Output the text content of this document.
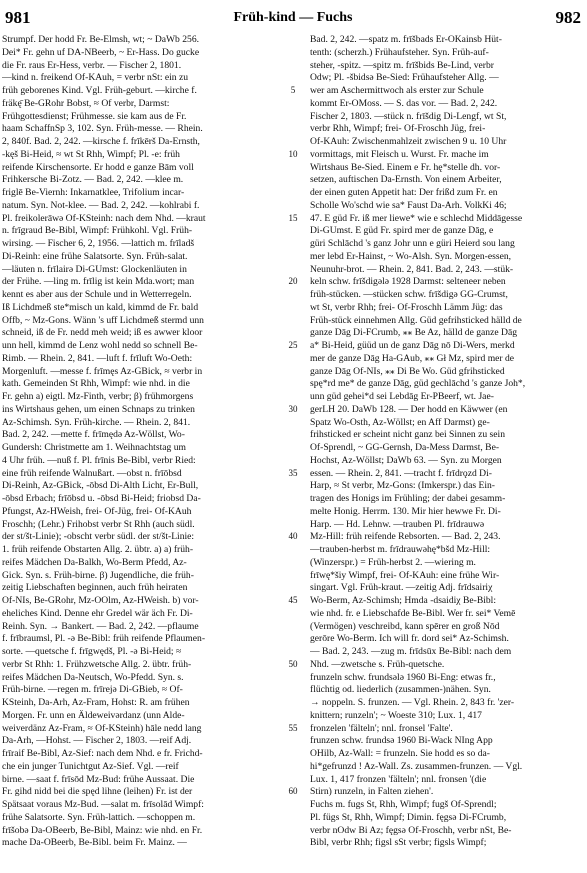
981	Früh-kind — Fuchs	982
Strumpf. Der hodd Fr. Be-Elmsh, wt; ~ DaWb 256.
Dei* Fr. gehn uf DA-NBeerb, ~ Er-Hass. Do gucke
die Fr. raus Er-Hess, verbr. — Fischer 2, 1801.
—kind n. freikend Of-KAuh, = verbr nSt: ein zu
früh geborenes Kind. Vgl. Früh-geburt. —kirche f.
fräkę̄ Be-GRohr Bobst, ≈ Of verbr, Darmst:
Frühgottesdienst; Frühmesse. sie kam aus de Fr.
haam SchaffnSp 3, 102. Syn. Früh-messe. — Rhein.
2, 840f. Bad. 2, 242. —kirsche f. frīkērš Da-Ernsth,
-kęš Bi-Heid, ≈ wt St Rhh, Wimpf; Pl. -e: früh
reifende Kirschensorte. Er hodd e ganze Bām voll
Frihkersche Bi-Zotz. — Bad. 2, 242. —klee m.
friglē Be-Viernh: Inkarnatklee, Trifolium incar-
natum. Syn. Not-klee. — Bad. 2, 242. —kohlrabi f.
Pl. freikolerāwə Of-KSteinh: nach dem Nhd. —kraut
n. frīgraud Be-Bibl, Wimpf: Frühkohl. Vgl. Früh-
wirsing. — Fischer 6, 2, 1956. —lattich m. frīladš
Di-Reinh: eine frühe Salatsorte. Syn. Früh-salat.
—läuten n. frīlairə Di-GUmst: Glockenläuten in
der Frühe. —ling m. frīlig ist kein Mda.wort; man
kennt es aber aus der Schule und in Wetterregeln.
Iß Lichdmeß ste*misch un kald, kimmd de Fr. bald
Offb, ~ Mz-Gons. Wänn 's uff Lichdmeß stermd unn
schneid, iß de Fr. nedd meh weid; iß es awwer kloor
unn hell, kimmd de Lenz wohl nedd so schnell Be-
Rimb. — Rhein. 2, 841. —luft f. frīluft Wo-Oeth:
Morgenluft. —messe f. frīmęs Az-GBick, ≈ verbr in
kath. Gemeinden St Rhh, Wimpf: wie nhd. in die
Fr. gehn a) eigtl. Mz-Finth, verbr; β) frühmorgens
ins Wirtshaus gehen, um einen Schnaps zu trinken
Az-Schimsh. Syn. Früh-kirche. — Rhein. 2, 841.
Bad. 2, 242. —mette f. frīmędə Az-Wöllst, Wo-
Gundersh: Christmette am 1. Weihnachtstag um
4 Uhr früh. —nuß f. Pl. frīnis Be-Bibl, verbr Ried:
eine früh reifende Walnußart. —obst n. frīōbsd
Di-Reinh, Az-GBick, -ōbsd Di-Alth Licht, Er-Bull,
-ōbsd Erbach; frīōbsd u. -ōbsd Bi-Heid; friobsd Da-
Pfungst, Az-HWeish, frei- Of-Jüg, frei- Of-KAuh
Froschh; (Lehr.) Frihobst verbr St Rhh (auch südl.
der st/št-Linie); -obscht verbr südl. der st/št-Linie:
1. früh reifende Obstarten Allg. 2. übtr. a) a) früh-
reifes Mädchen Da-Balkh, Wo-Berm Pfedd, Az-
Gick. Syn. s. Früh-birne. β) Jugendliche, die früh-
zeitig Liebschaften beginnen, auch früh heiraten
Of-NIs, Be-GRohr, Mz-OOlm, Az-HWeish. b) vor-
eheliches Kind. Denne ehr Gredel wär äch Fr. Di-
Reinh. Syn. → Bankert. — Bad. 2, 242. —pflaume
f. frībraumsl, Pl. -ə Be-Bibl: früh reifende Pflaumen-
sorte. —quetsche f. frīgwędš, Pl. -ə Bi-Heid; ≈
verbr St Rhh: 1. Frühzwetsche Allg. 2. übtr. früh-
reifes Mädchen Da-Neutsch, Wo-Pfedd. Syn. s.
Früh-birne. —regen m. frīrejə Di-GBieb, ≈ Of-
KSteinh, Da-Arh, Az-Fram, Hohst: R. am frühen
Morgen. Fr. unn en Äldeweivərdanz (unn Alde-
weiverdänz Az-Fram, ≈ Of-KSteinh) hāle nedd lang
Da-Arh, —Hohst. — Fischer 2, 1803. —reif Adj.
frīraif Be-Bibl, Az-Sief: nach dem Nhd. e fr. Frichd-
che ein junger Tunichtgut Az-Sief. Vgl. —reif
birne. —saat f. frīsōd Mz-Bud: frühe Aussaat. Die
Fr. gihd nidd bei die spęd lihne (leihen) Fr. ist der
Spätsaat voraus Mz-Bud. —salat m. frīsolād Wimpf:
frühe Salatsorte. Syn. Früh-lattich. —schoppen m.
frīšobə Da-OBeerb, Be-Bibl, Mainz: wie nhd. en Fr.
mache Da-OBeerb, Be-Bibl. beim Fr. Mainz. —
5
10
15
20
25
30
35
40
45
50
55
60
Bad. 2, 242. —spatz m. frīšbads Er-OKainsb Hüt-
tenth: (scherzh.) Frühaufsteher. Syn. Früh-auf-
steher, -spitz. —spitz m. frīšbids Be-Lind, verbr
Odw; Pl. -šbidsə Be-Sied: Frühaufsteher Allg. —
wer am Aschermittwoch als erster zur Schule
kommt Er-OMoss. — S. das vor. — Bad. 2, 242.
Fischer 2, 1803. —stück n. frīšdig Di-Lengf, wt St,
verbr Rhh, Wimpf; frei- Of-Froschh Jüg, frei-
Of-KAuh: Zwischenmahlzeit zwischen 9 u. 10 Uhr
vormittags, mit Fleisch u. Wurst. Fr. mache im
Wirtshaus Be-Sied. Einem e Fr. hę*stelle dh. vor-
setzen, auftischen Da-Ernsth. Von einem Arbeiter,
der einen guten Appetit hat: Der frißd zum Fr. en
Scholle Wo'schd wie sa* Faust Da-Arh. VolkKi 46;
47. E güd Fr. iß mer liewe* wie e schlechd Middāgesse
Di-GUmst. E güd Fr. spird mer de ganze Dāg, e
güri Schlāchd 's ganz Johr unn e güri Heierd sou lang
mer lebd Er-Hainst, ~ Wo-Alsh. Syn. Morgen-essen,
Neunuhr-brot. — Rhein. 2, 841. Bad. 2, 243. —stük-
keln schw. frīšdigələ 1928 Darmst: selteneer neben
früh-stücken. —stücken schw. frīšdigə GG-Crumst,
wt St, verbr Rhh; frei- Of-Froschh Lämm Jüg: das
Früh-stück einnehmen Allg. Güd gefrihsticked hälld de
ganze Dāg Di-FCrumb, ⁎⁎ Be Az, hälld de ganze Dāg
a* Bi-Heid, güüd un de ganz Dāg nō Di-Wers, merkd
mer de ganze Dāg Ha-GAub, ⁎⁎ Gł Mz, spird mer de
ganze Dāg Of-NIs, ⁎⁎ Di Be Wo. Güd gfrihsticked
spę*rd me* de ganze Dāg, güd gechlāchd 's ganze Joh*,
unn güd gehei*d sei Lebdāg Er-PBeerf, wt. Jae-
gerLH 20. DaWb 128. — Der hodd en Käwwer (en
Spatz Wo-Osth, Az-Wöllst; en Aff Darmst) ge-
frihsticked er scheint nicht ganz bei Sinnen zu sein
Of-Sprendl, ~ GG-Gernsh, Da-Mess Darmst, Be-
Hochst, Az-Wöllst; DaWb 63. — Syn. zu Morgen
essen. — Rhein. 2, 841. —tracht f. frīdrǫzd Di-
Harp, ≈ St verbr, Mz-Gons: (Imkerspr.) das Ein-
tragen des Honigs im Frühling; der dabei gesamm-
melte Honig. Herrm. 130. Mir hier hewwe Fr. Di-
Harp. — Hd. Lehnw. —trauben Pl. frīdrauwə
Mz-Hill: früh reifende Rebsorten. — Bad. 2, 243.
—trauben-herbst m. frīdrauwəhę*bšd Mz-Hill:
(Winzerspr.) = Früh-herbst 2. —wiering m.
frīwę*šiy Wimpf, frei- Of-KAuh: eine frühe Wir-
singart. Vgl. Früh-kraut. —zeitig Adj. frīdsairiχ
Wo-Berm, Az-Schimsh; Hmda -dsaidiχ Be-Bibl:
wie nhd. fr. e Liebschafde Be-Bibl. Wer fr. sei* Vemē
(Vermögen) veschreibd, kann spērer en groß Nōd
gerōre Wo-Berm. Ich will fr. dord sei* Az-Schimsh.
— Bad. 2, 243. —zug m. frīdsūx Be-Bibl: nach dem
Nhd. —zwetsche s. Früh-quetsche.
frunzeln schw. frundsələ 1960 Bi-Eng: etwas fr.,
flüchtig od. liederlich (zusammen-)nähen. Syn.
→ noppeln. S. frunzen. — Vgl. Rhein. 2, 843 fr. 'zer-
knittern; runzeln'; ~ Woeste 310; Lux. 1, 417
fronzelen 'fälteln'; nnl. fronsel 'Falte'.
frunzen schw. frundsə 1960 Bi-Wack NIng App
OHilb, Az-Wall: = frunzeln. Sie hodd es so da-
hi*gefrunzd ! Az-Wall. Zs. zusammen-frunzen. — Vgl.
Lux. 1, 417 fronzen 'fälteln'; nnl. fronsen '(die
Stirn) runzeln, in Falten ziehen'.
Fuchs m. fugs St, Rhh, Wimpf; fugš Of-Sprendl;
Pl. fügs St, Rhh, Wimpf; Dimin. fęgsə Di-FCrumb,
verbr nOdw Bi Az; fęgsə Of-Froschh, verbr nSt, Be-
Bibl, verbr Rhh; figsl sSt verbr; figsls Wimpf;
